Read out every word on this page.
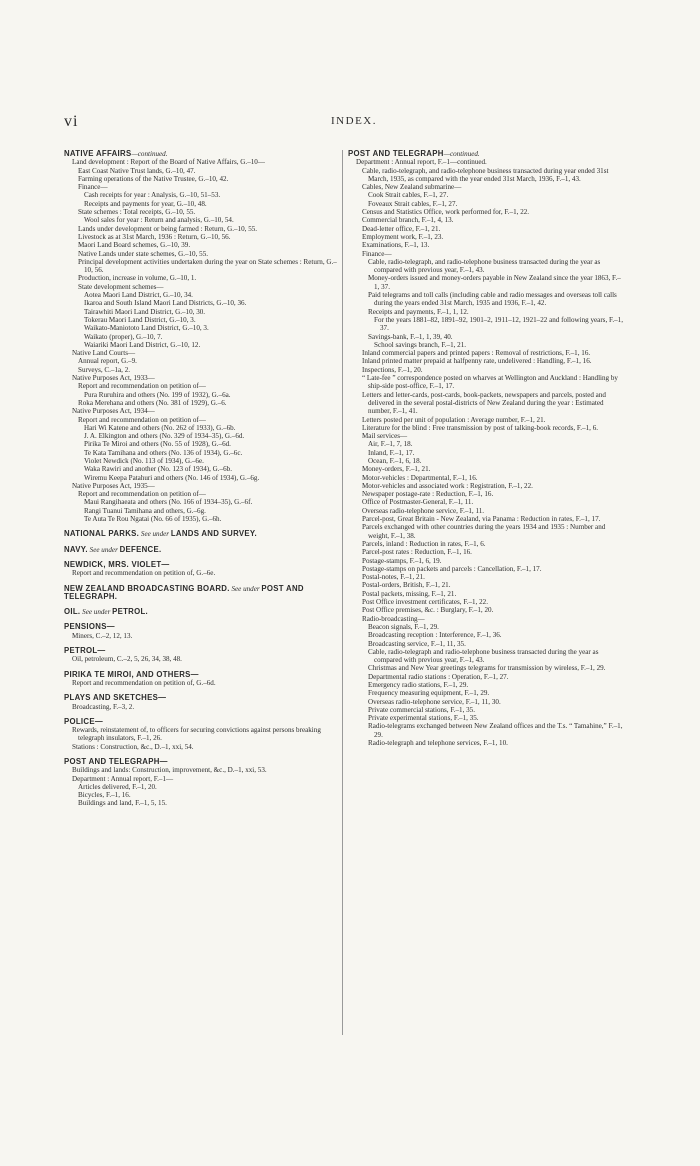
vi	INDEX.

NATIVE AFFAIRS—continued.

Land development : Report of the Board of Native Affairs, G.–10—

East Coast Native Trust lands, G.–10, 47.

Farming operations of the Native Trustee, G.–10, 42.

Finance—

Cash receipts for year : Analysis, G.–10, 51–53.

Receipts and payments for year, G.–10, 48.

State schemes : Total receipts, G.–10, 55.

Wool sales for year : Return and analysis, G.–10, 54.

Lands under development or being farmed : Return, G.–10, 55.

Livestock as at 31st March, 1936 : Return, G.–10, 56.

Maori Land Board schemes, G.–10, 39.

Native Lands under state schemes, G.–10, 55.

Principal development activities undertaken during the year on State schemes : Return, G.–10, 56.

Production, increase in volume, G.–10, 1.

State development schemes—

Aotea Maori Land District, G.–10, 34.

Ikaroa and South Island Maori Land Districts, G.–10, 36.

Tairawhiti Maori Land District, G.–10, 30.

Tokerau Maori Land District, G.–10, 3.

Waikato-Maniototo Land District, G.–10, 3.

Waikato (proper), G.–10, 7.

Waiariki Maori Land District, G.–10, 12.

Native Land Courts—

Annual report, G.–9.

Surveys, C.–1a, 2.

Native Purposes Act, 1933—

Report and recommendation on petition of—

Pura Ruruhira and others (No. 199 of 1932), G.–6a.

Roka Merehana and others (No. 381 of 1929), G.–6.

Native Purposes Act, 1934—

Report and recommendation on petition of—

Hari Wi Katene and others (No. 262 of 1933), G.–6b.

J. A. Elkington and others (No. 329 of 1934–35), G.–6d.

Pirika Te Miroi and others (No. 55 of 1928), G.–6d.

Te Kata Tamihana and others (No. 136 of 1934), G.–6c.

Violet Newdick (No. 113 of 1934), G.–6e.

Waka Rawiri and another (No. 123 of 1934), G.–6b.

Wiremu Keepa Patahuri and others (No. 146 of 1934), G.–6g.

Native Purposes Act, 1935—

Report and recommendation on petition of—

Maui Rangihaeata and others (No. 166 of 1934–35), G.–6f.

Rangi Tuanui Tamihana and others, G.–6g.

Te Auta Te Rou Ngatai (No. 66 of 1935), G.–6h.

NATIONAL PARKS. See under LANDS AND SURVEY.

NAVY. See under DEFENCE.

NEWDICK, MRS. VIOLET—

Report and recommendation on petition of, G.–6e.

NEW ZEALAND BROADCASTING BOARD. See under POST AND TELEGRAPH.

OIL. See under PETROL.

PENSIONS—

Miners, C.–2, 12, 13.

PETROL—

Oil, petroleum, C.–2, 5, 26, 34, 38, 48.

PIRIKA TE MIROI, AND OTHERS—

Report and recommendation on petition of, G.–6d.

PLAYS AND SKETCHES—

Broadcasting, F.–3, 2.

POLICE—

Rewards, reinstatement of, to officers for securing convictions against persons breaking telegraph insulators, F.–1, 26.

Stations : Construction, &c., D.–1, xxi, 54.

POST AND TELEGRAPH—

Buildings and lands: Construction, improvement, &c., D.–1, xxi, 53.

Department : Annual report, F.–1—

Articles delivered, F.–1, 20.

Bicycles, F.–1, 16.

Buildings and land, F.–1, 5, 15.

POST AND TELEGRAPH—continued.

Department : Annual report, F.–1—continued.

Cable, radio-telegraph, and radio-telephone business transacted during year ended 31st March, 1935, as compared with the year ended 31st March, 1936, F.–1, 43.

Cables, New Zealand submarine—

Cook Strait cables, F.–1, 27.

Foveaux Strait cables, F.–1, 27.

Census and Statistics Office, work performed for, F.–1, 22.

Commercial branch, F.–1, 4, 13.

Dead-letter office, F.–1, 21.

Employment work, F.–1, 23.

Examinations, F.–1, 13.

Finance—

Cable, radio-telegraph, and radio-telephone business transacted during the year as compared with previous year, F.–1, 43.

Money-orders issued and money-orders payable in New Zealand since the year 1863, F.–1, 37.

Paid telegrams and toll calls (including cable and radio messages and overseas toll calls during the years ended 31st March, 1935 and 1936, F.–1, 42.

Receipts and payments, F.–1, 1, 12.

For the years 1881–82, 1891–92, 1901–2, 1911–12, 1921–22 and following years, F.–1, 37.

Savings-bank, F.–1, 1, 39, 40.

School savings branch, F.–1, 21.

Inland commercial papers and printed papers : Removal of restrictions, F.–1, 16.

Inland printed matter prepaid at halfpenny rate, undelivered : Handling, F.–1, 16.

Inspections, F.–1, 20.

“ Late-fee ” correspondence posted on wharves at Wellington and Auckland : Handling by ship-side post-office, F.–1, 17.

Letters and letter-cards, post-cards, book-packets, newspapers and parcels, posted and delivered in the several postal-districts of New Zealand during the year : Estimated number, F.–1, 41.

Letters posted per unit of population : Average number, F.–1, 21.

Literature for the blind : Free transmission by post of talking-book records, F.–1, 6.

Mail services—

Air, F.–1, 7, 18.

Inland, F.–1, 17.

Ocean, F.–1, 6, 18.

Money-orders, F.–1, 21.

Motor-vehicles : Departmental, F.–1, 16.

Motor-vehicles and associated work : Registration, F.–1, 22.

Newspaper postage-rate : Reduction, F.–1, 16.

Office of Postmaster-General, F.–1, 11.

Overseas radio-telephone service, F.–1, 11.

Parcel-post, Great Britain - New Zealand, via Panama : Reduction in rates, F.–1, 17.

Parcels exchanged with other countries during the years 1934 and 1935 : Number and weight, F.–1, 38.

Parcels, inland : Reduction in rates, F.–1, 6.

Parcel-post rates : Reduction, F.–1, 16.

Postage-stamps, F.–1, 6, 19.

Postage-stamps on packets and parcels : Cancellation, F.–1, 17.

Postal-notes, F.–1, 21.

Postal-orders, British, F.–1, 21.

Postal packets, missing, F.–1, 21.

Post Office investment certificates, F.–1, 22.

Post Office premises, &c. : Burglary, F.–1, 20.

Radio-broadcasting—

Beacon signals, F.–1, 29.

Broadcasting reception : Interference, F.–1, 36.

Broadcasting service, F.–1, 11, 35.

Cable, radio-telegraph and radio-telephone business transacted during the year as compared with previous year, F.–1, 43.

Christmas and New Year greetings telegrams for transmission by wireless, F.–1, 29.

Departmental radio stations : Operation, F.–1, 27.

Emergency radio stations, F.–1, 29.

Frequency measuring equipment, F.–1, 29.

Overseas radio-telephone service, F.–1, 11, 30.

Private commercial stations, F.–1, 35.

Private experimental stations, F.–1, 35.

Radio-telegrams exchanged between New Zealand offices and the T.s. “ Tamahine,” F.–1, 29.

Radio-telegraph and telephone services, F.–1, 10.
